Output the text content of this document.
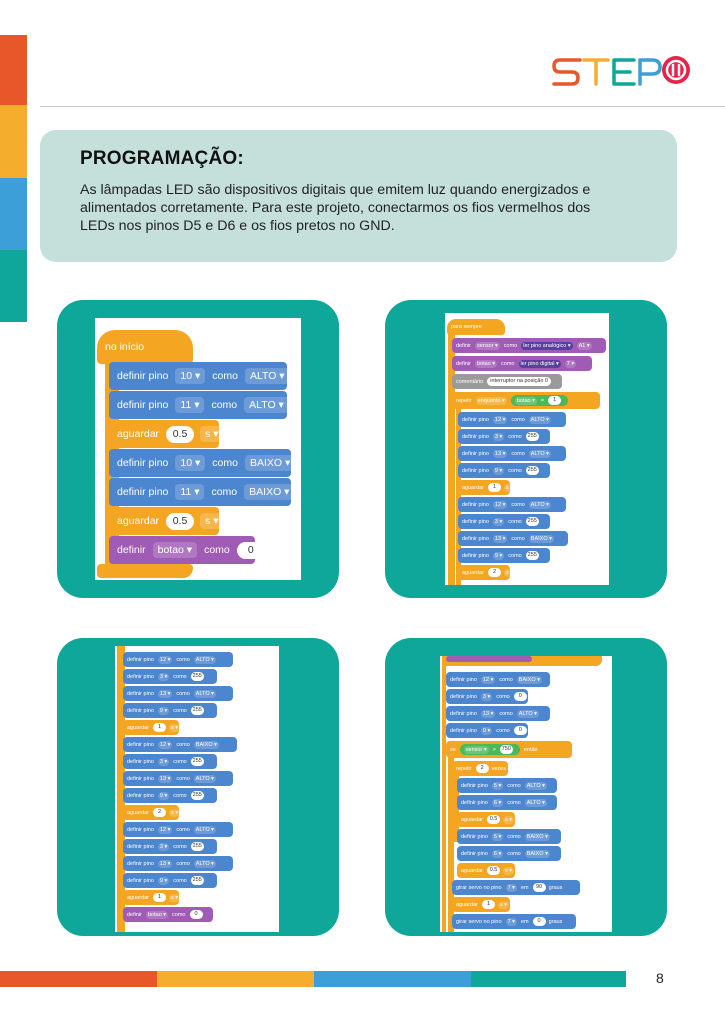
PROGRAMAÇÃO:

As lâmpadas LED são dispositivos digitais que emitem luz quando energizados e
alimentados corretamente. Para este projeto, conectarmos os fios vermelhos dos
LEDs nos pinos D5 e D6 e os fios pretos no GND.

no início
definir pino	10 ▾	como	ALTO ▾
definir pino	11 ▾	como	ALTO ▾
aguardar	0.5	s ▾
definir pino	10 ▾	como	BAIXO ▾
definir pino	11 ▾	como	BAIXO ▾
aguardar	0.5	s ▾
definir	botao ▾	como	0
para sempre
definir	sensor ▾	como	ler pino analógico ▾	A1 ▾
definir	botao ▾	como	ler pino digital ▾	7 ▾
comentário	interruptor na posição 0
repetir	enquanto ▾	botao ▾	=	1
definir pino	12 ▾	como	ALTO ▾
definir pino	3 ▾	como	255
definir pino	13 ▾	como	ALTO ▾
definir pino	9 ▾	como	255
aguardar	1	s ▾
definir pino	12 ▾	como	ALTO ▾
definir pino	3 ▾	como	255
definir pino	13 ▾	como	BAIXO ▾
definir pino	9 ▾	como	255
aguardar	2	s ▾
definir pino	12 ▾	como	ALTO ▾
definir pino	3 ▾	como	255
definir pino	13 ▾	como	ALTO ▾
definir pino	9 ▾	como	255
aguardar	1	s ▾
definir pino	12 ▾	como	BAIXO ▾
definir pino	3 ▾	como	255
definir pino	13 ▾	como	ALTO ▾
definir pino	9 ▾	como	255
aguardar	2	s ▾
definir pino	12 ▾	como	ALTO ▾
definir pino	3 ▾	como	255
definir pino	13 ▾	como	ALTO ▾
definir pino	9 ▾	como	255
aguardar	1	s ▾
definir	botao ▾	como	0
definir pino	12 ▾	como	BAIXO ▾
definir pino	3 ▾	como	0
definir pino	13 ▾	como	ALTO ▾
definir pino	9 ▾	como	0
se	sensor ▾	>	750	então
repetir	2	vezes
definir pino	5 ▾	como	ALTO ▾
definir pino	6 ▾	como	ALTO ▾
aguardar	0.5	s ▾
definir pino	5 ▾	como	BAIXO ▾
definir pino	6 ▾	como	BAIXO ▾
aguardar	0.5	s ▾
girar servo no pino	7 ▾	em	90	graus
aguardar	1	s ▾
girar servo no pino	7 ▾	em	0	graus
8
